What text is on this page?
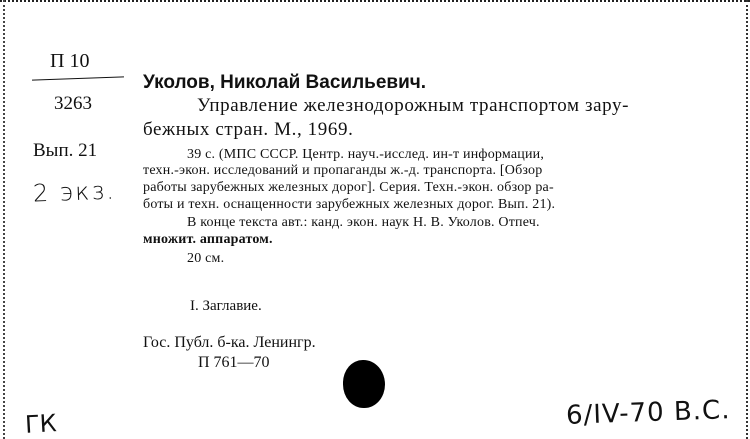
П 10
3263
Вып. 21
2 экз.
Уколов, Николай Васильевич.
Управление железнодорожным транспортом зару-
бежных стран. М., 1969.
39 с. (МПС СССР. Центр. науч.-исслед. ин-т информации,
техн.-экон. исследований и пропаганды ж.-д. транспорта. [Обзор
работы зарубежных железных дорог]. Серия. Техн.-экон. обзор ра-
боты и техн. оснащенности зарубежных железных дорог. Вып. 21).
В конце текста авт.: канд. экон. наук Н. В. Уколов. Отпеч.
множит. аппаратом.
20 см.
I. Заглавие.
Гос. Публ. б-ка. Ленингр.
П 761—70
ГК	6/IV-70 В.С.
